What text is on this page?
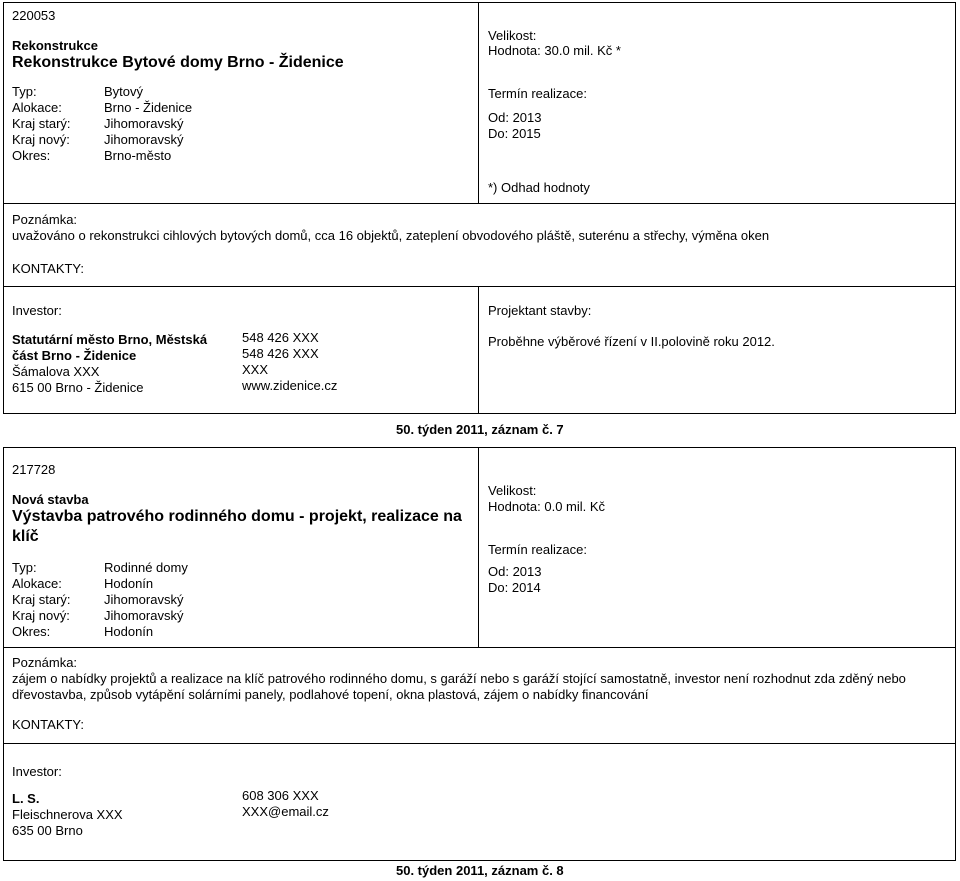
220053
Rekonstrukce
Rekonstrukce Bytové domy Brno - Židenice
Typ:	Bytový
Alokace:	Brno - Židenice
Kraj starý:	Jihomoravský
Kraj nový:	Jihomoravský
Okres:	Brno-město
Velikost:
Hodnota: 30.0 mil. Kč *
Termín realizace:
Od: 2013
Do: 2015
*) Odhad hodnoty
Poznámka:
uvažováno o rekonstrukci cihlových bytových domů, cca 16 objektů, zateplení obvodového pláště, suterénu a střechy, výměna oken
KONTAKTY:
Investor:
Statutární město Brno, Městská
část Brno - Židenice
Šámalova XXX
615 00 Brno - Židenice
548 426 XXX
548 426 XXX
XXX
www.zidenice.cz
Projektant stavby:
Proběhne výběrové řízení v II.polovině roku 2012.
50. týden 2011, záznam č. 7
217728
Nová stavba
Výstavba patrového rodinného domu - projekt, realizace na klíč
Typ:	Rodinné domy
Alokace:	Hodonín
Kraj starý:	Jihomoravský
Kraj nový:	Jihomoravský
Okres:	Hodonín
Velikost:
Hodnota: 0.0 mil. Kč
Termín realizace:
Od: 2013
Do: 2014
Poznámka:
zájem o nabídky projektů a realizace na klíč patrového rodinného domu, s garáží nebo s garáží stojící samostatně, investor není rozhodnut zda zděný nebo dřevostavba, způsob vytápění solárními panely, podlahové topení, okna plastová, zájem o nabídky financování
KONTAKTY:
Investor:
L. S.
Fleischnerova XXX
635 00 Brno
608 306 XXX
XXX@email.cz
50. týden 2011, záznam č. 8
